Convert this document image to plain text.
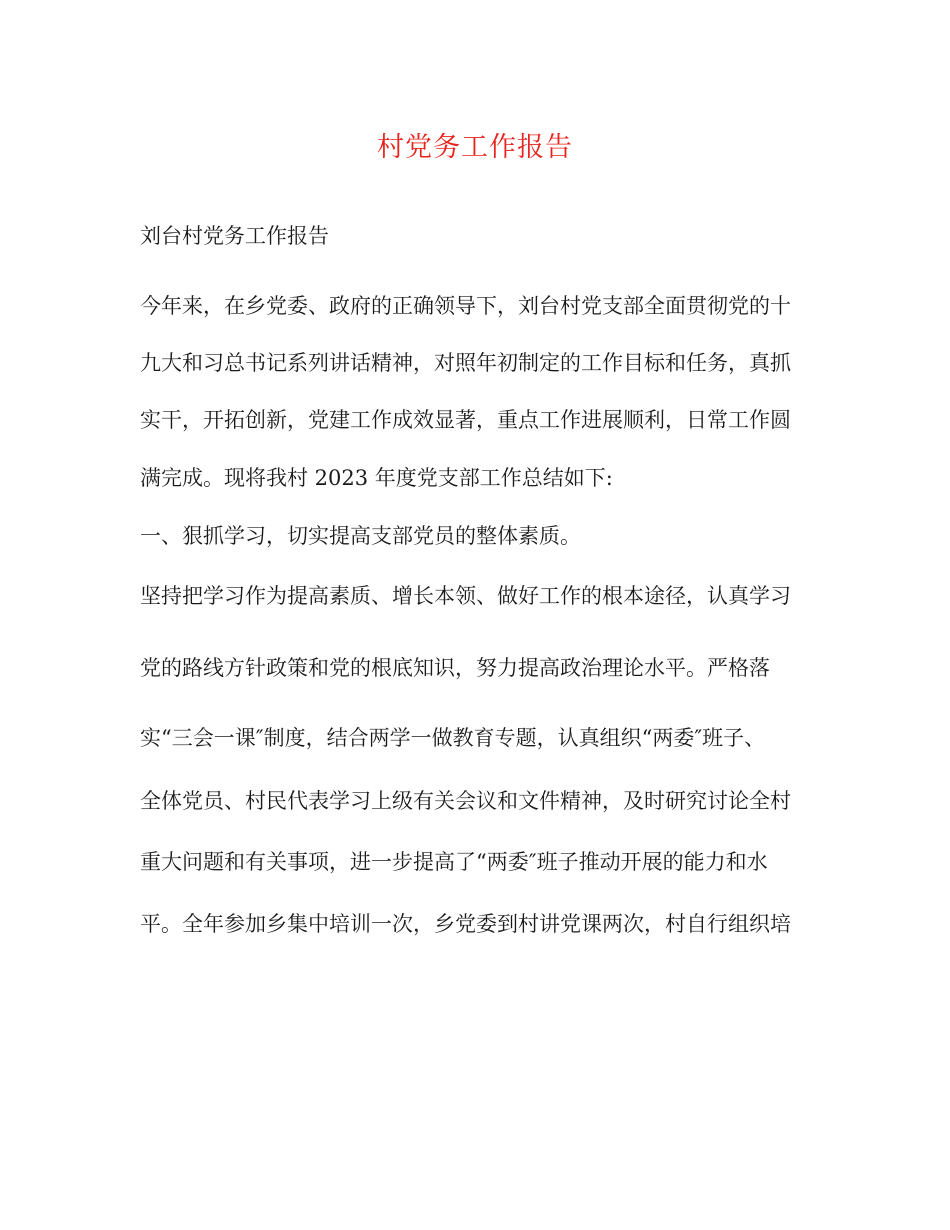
村党务工作报告

刘台村党务工作报告

今年来，在乡党委、政府的正确领导下，刘台村党支部全面贯彻党的十

九大和习总书记系列讲话精神，对照年初制定的工作目标和任务，真抓

实干，开拓创新，党建工作成效显著，重点工作进展顺利，日常工作圆

满完成。现将我村 2023 年度党支部工作总结如下:

一、狠抓学习，切实提高支部党员的整体素质。

坚持把学习作为提高素质、增长本领、做好工作的根本途径，认真学习

党的路线方针政策和党的根底知识，努力提高政治理论水平。严格落

实“三会一课″制度，结合两学一做教育专题，认真组织“两委″班子、

全体党员、村民代表学习上级有关会议和文件精神，及时研究讨论全村

重大问题和有关事项，进一步提高了“两委″班子推动开展的能力和水

平。全年参加乡集中培训一次，乡党委到村讲党课两次，村自行组织培
